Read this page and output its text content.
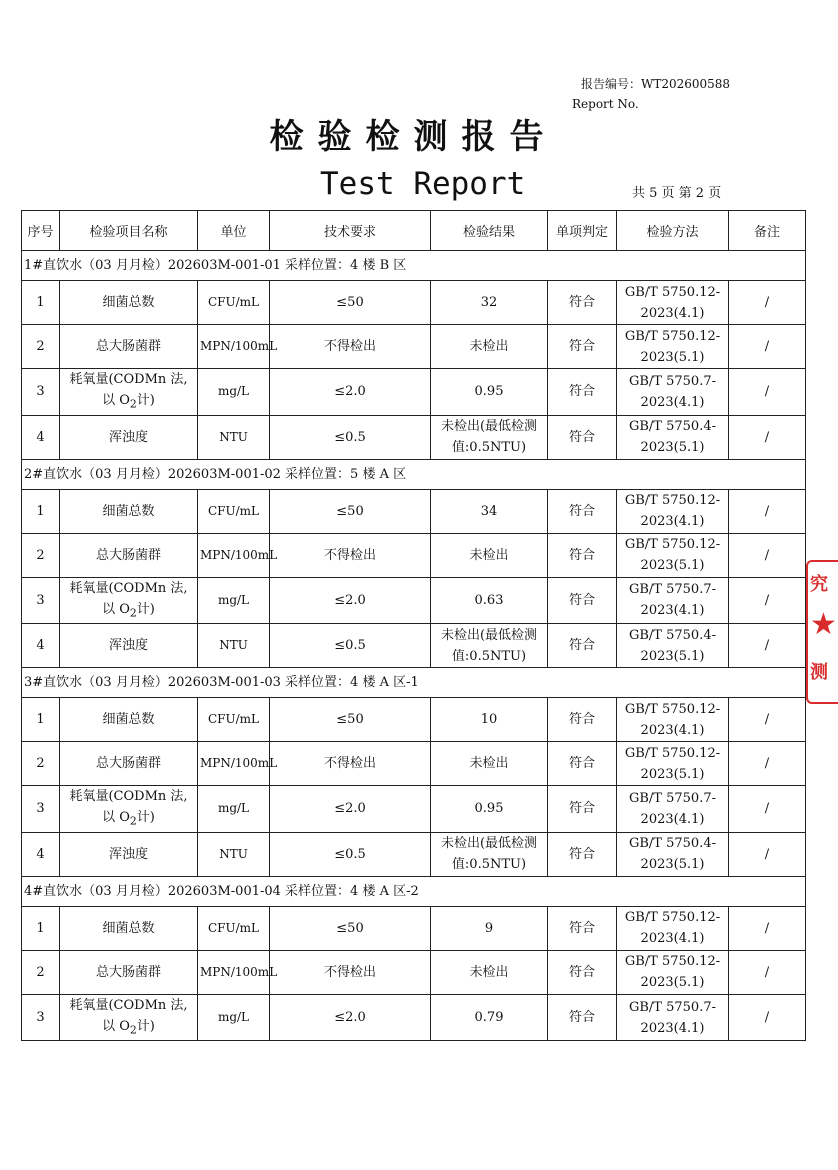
报告编号：WT202600588
Report No.
检验检测报告
Test Report	共 5 页 第 2 页
序号	检验项目名称	单位	技术要求	检验结果	单项判定	检验方法	备注
1#直饮水（03 月月检）202603M-001-01 采样位置：4 楼 B 区							
1	细菌总数	CFU/mL	≤50	32	符合	GB/T 5750.12-
2023(4.1)	/
2	总大肠菌群	MPN/100mL	不得检出	未检出	符合	GB/T 5750.12-
2023(5.1)	/
3	耗氧量(CODMn 法,
以 $O_2$计)	mg/L	≤2.0	0.95	符合	GB/T 5750.7-
2023(4.1)	/
4	浑浊度	NTU	≤0.5	未检出(最低检测
值:0.5NTU)	符合	GB/T 5750.4-
2023(5.1)	/
2#直饮水（03 月月检）202603M-001-02 采样位置：5 楼 A 区							
1	细菌总数	CFU/mL	≤50	34	符合	GB/T 5750.12-
2023(4.1)	/
2	总大肠菌群	MPN/100mL	不得检出	未检出	符合	GB/T 5750.12-
2023(5.1)	/
3	耗氧量(CODMn 法,
以 $O_2$计)	mg/L	≤2.0	0.63	符合	GB/T 5750.7-
2023(4.1)	/
4	浑浊度	NTU	≤0.5	未检出(最低检测
值:0.5NTU)	符合	GB/T 5750.4-
2023(5.1)	/
3#直饮水（03 月月检）202603M-001-03 采样位置：4 楼 A 区-1							
1	细菌总数	CFU/mL	≤50	10	符合	GB/T 5750.12-
2023(4.1)	/
2	总大肠菌群	MPN/100mL	不得检出	未检出	符合	GB/T 5750.12-
2023(5.1)	/
3	耗氧量(CODMn 法,
以 $O_2$计)	mg/L	≤2.0	0.95	符合	GB/T 5750.7-
2023(4.1)	/
4	浑浊度	NTU	≤0.5	未检出(最低检测
值:0.5NTU)	符合	GB/T 5750.4-
2023(5.1)	/
4#直饮水（03 月月检）202603M-001-04 采样位置：4 楼 A 区-2							
1	细菌总数	CFU/mL	≤50	9	符合	GB/T 5750.12-
2023(4.1)	/
2	总大肠菌群	MPN/100mL	不得检出	未检出	符合	GB/T 5750.12-
2023(5.1)	/
3	耗氧量(CODMn 法,
以 $O_2$计)	mg/L	≤2.0	0.79	符合	GB/T 5750.7-
2023(4.1)	/
究
★
测
